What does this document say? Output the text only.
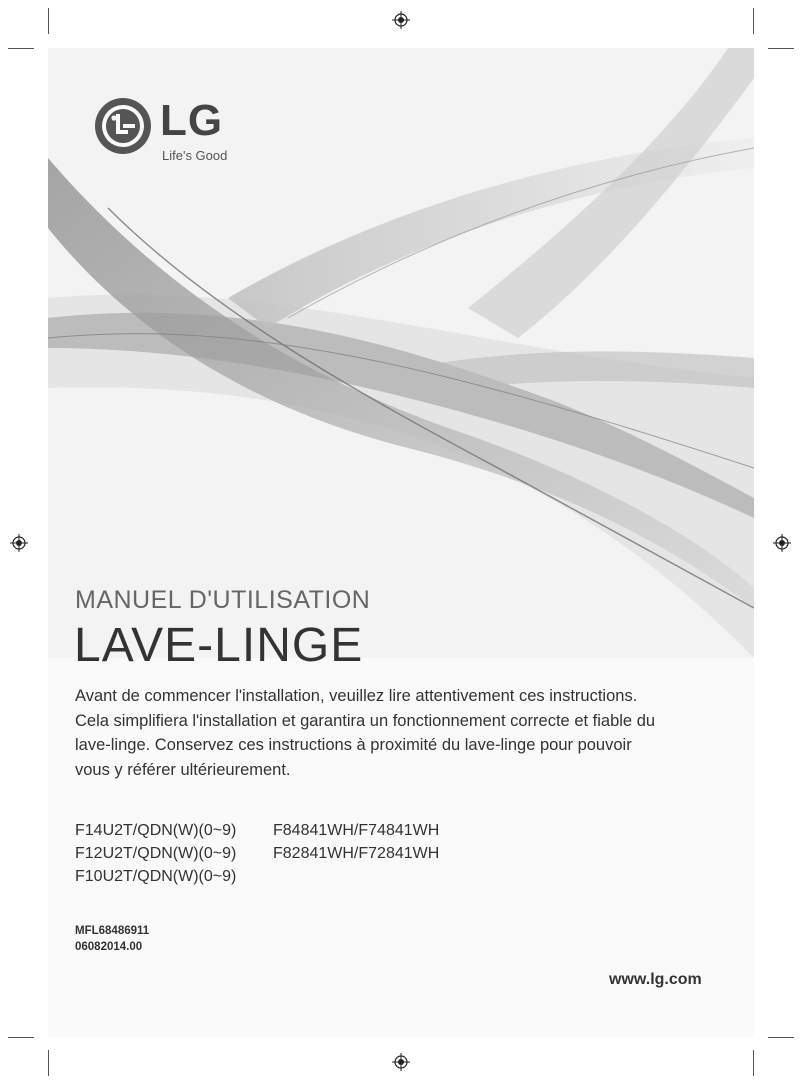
LG
Life's Good
MANUEL D'UTILISATION
LAVE-LINGE
Avant de commencer l'installation, veuillez lire attentivement ces instructions.
Cela simplifiera l'installation et garantira un fonctionnement correcte et fiable du
lave-linge. Conservez ces instructions à proximité du lave-linge pour pouvoir
vous y référer ultérieurement.
F14U2T/QDN(W)(0~9) F84841WH/F74841WH
F12U2T/QDN(W)(0~9) F82841WH/F72841WH
F10U2T/QDN(W)(0~9)
MFL68486911
06082014.00
www.lg.com
